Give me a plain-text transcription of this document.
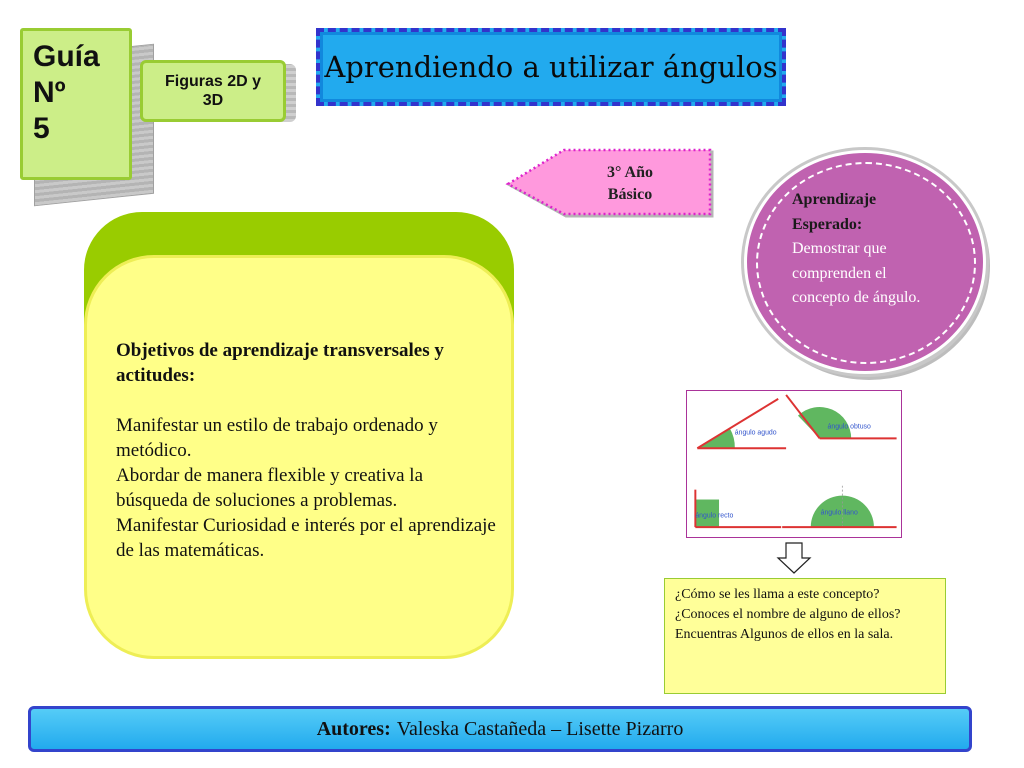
Guía
Nº
5
Figuras 2D y 3D
Aprendiendo a utilizar ángulos
3° Año
Básico	Aprendizaje Esperado:
Demostrar que comprenden el concepto de ángulo.
Objetivos de aprendizaje transversales y actitudes:
Manifestar un estilo de trabajo ordenado y metódico.
Abordar de manera flexible y creativa la búsqueda de soluciones a problemas.
Manifestar Curiosidad e interés por el aprendizaje de las matemáticas.
ángulo agudo
ángulo obtuso
ángulo recto	ángulo llano
¿Cómo se les llama a este concepto?
¿Conoces el nombre de alguno de ellos?
Encuentras Algunos de ellos en la sala.
Autores: Valeska Castañeda – Lisette Pizarro
